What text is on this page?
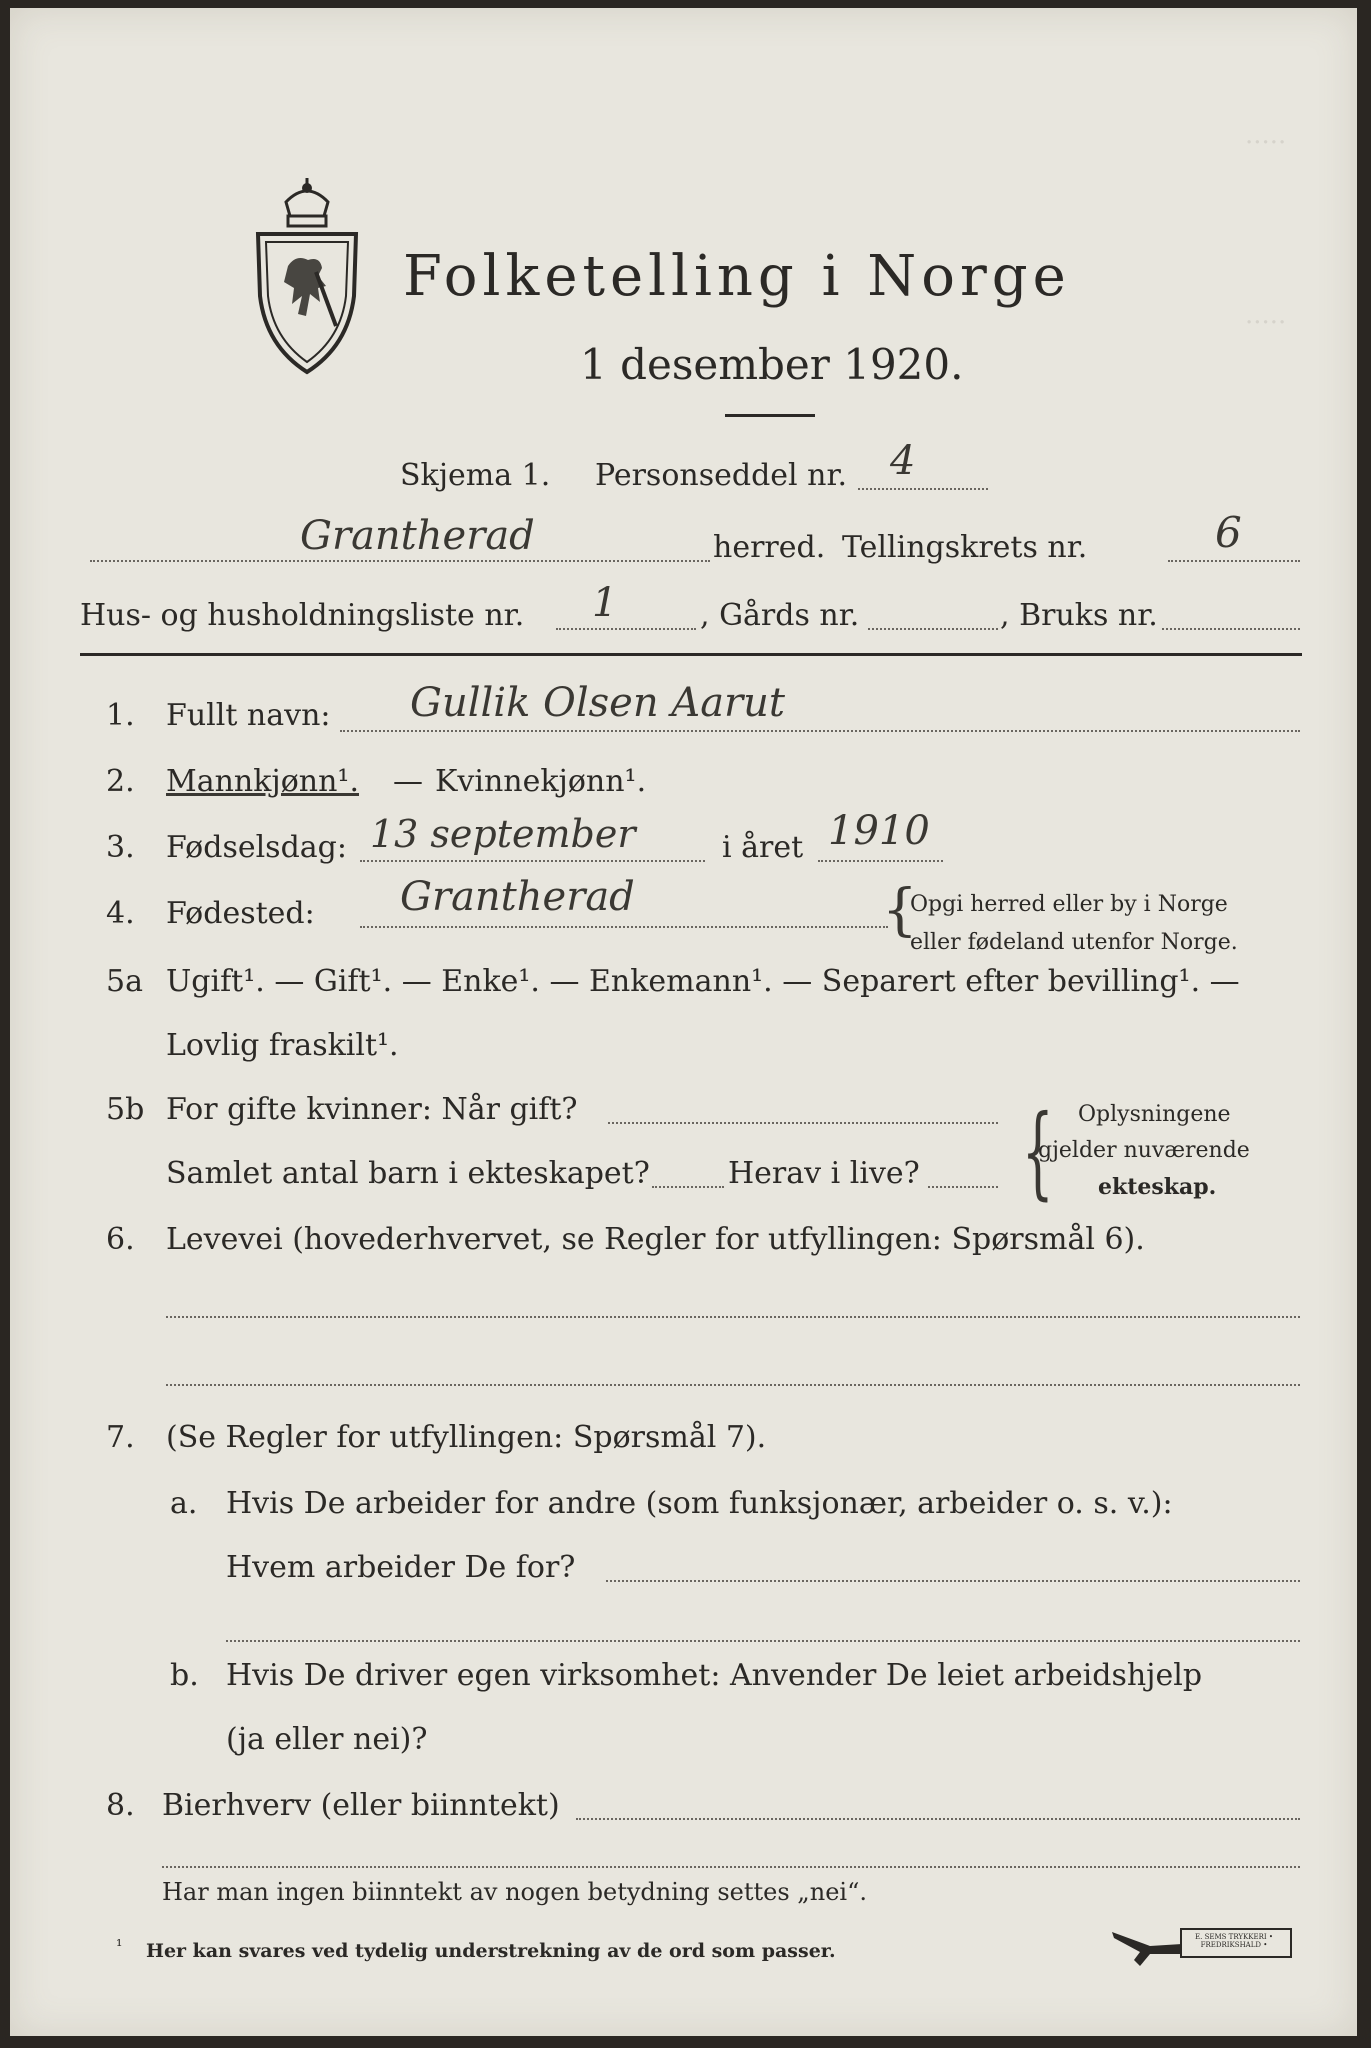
·····
·····
Folketelling i Norge
1 desember 1920.
Skjema 1. Personseddel nr. 4
Grantherad	herred. Tellingskrets nr.	6
Hus- og husholdningsliste nr. 1	, Gårds nr.	, Bruks nr.
1. Fullt navn: Gullik Olsen Aarut
2. Mannkjønn¹. — Kvinnekjønn¹.
3. Fødselsdag: 13 september	i året 1910
4. Fødested: Grantherad	{
Opgi herred eller by i Norge
eller fødeland utenfor Norge.
5a Ugift¹. — Gift¹. — Enke¹. — Enkemann¹. — Separert efter bevilling¹. —
Lovlig fraskilt¹.
5b For gifte kvinner: Når gift?
Samlet antal barn i ekteskapet?	Herav i live? { Oplysningene
gjelder nuværende
ekteskap.
6. Levevei (hovederhvervet, se Regler for utfyllingen: Spørsmål 6).
7. (Se Regler for utfyllingen: Spørsmål 7).
a. Hvis De arbeider for andre (som funksjonær, arbeider o. s. v.):
Hvem arbeider De for?
b. Hvis De driver egen virksomhet: Anvender De leiet arbeidshjelp
(ja eller nei)?
8. Bierhverv (eller biinntekt)
Har man ingen biinntekt av nogen betydning settes „nei“.
¹ Her kan svares ved tydelig understrekning av de ord som passer.
E. SEMS TRYKKERI • FREDRIKSHALD •
